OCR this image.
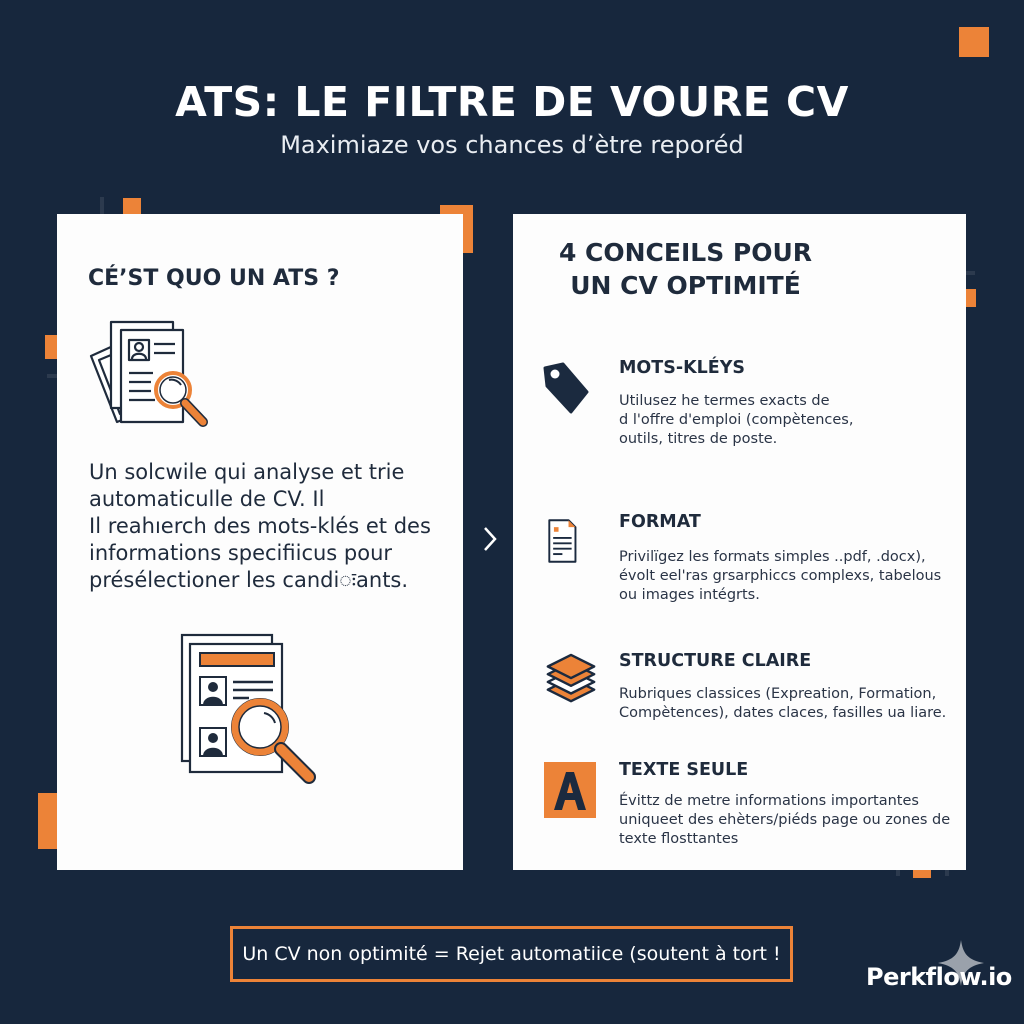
ATS: LE FILTRE DE VOURE CV
Maximiaze vos chances d’ètre reporéd
CÉ’ST QUO UN ATS ?
Un solcwile qui analyse et trie
automaticulle de CV. Il
Il reahıerch des mots-klés et des
informations specifiicus pour
présélectioner les candiःants.
4 CONCEILS POUR
UN CV OPTIMITÉ
MOTS-KLÉYS
Utilusez he termes exacts de
d l'offre d'emploi (compètences,
outils, titres de poste.
FORMAT
Privilïgez les formats simples ..pdf, .docx),
évolt eel'ras grsarphiccs complexs, tabelous
ou images intégrts.
STRUCTURE CLAIRE
Rubriques classices (Expreation, Formation,
Compètences), dates claces, fasilles ua liare.
TEXTE SEULE
Évittz de metre informations importantes
uniqueet des ehèters/piéds page ou zones de
texte flosttantes
Un CV non optimité = Rejet automatiice (soutent à tort !
Perkflow.io
